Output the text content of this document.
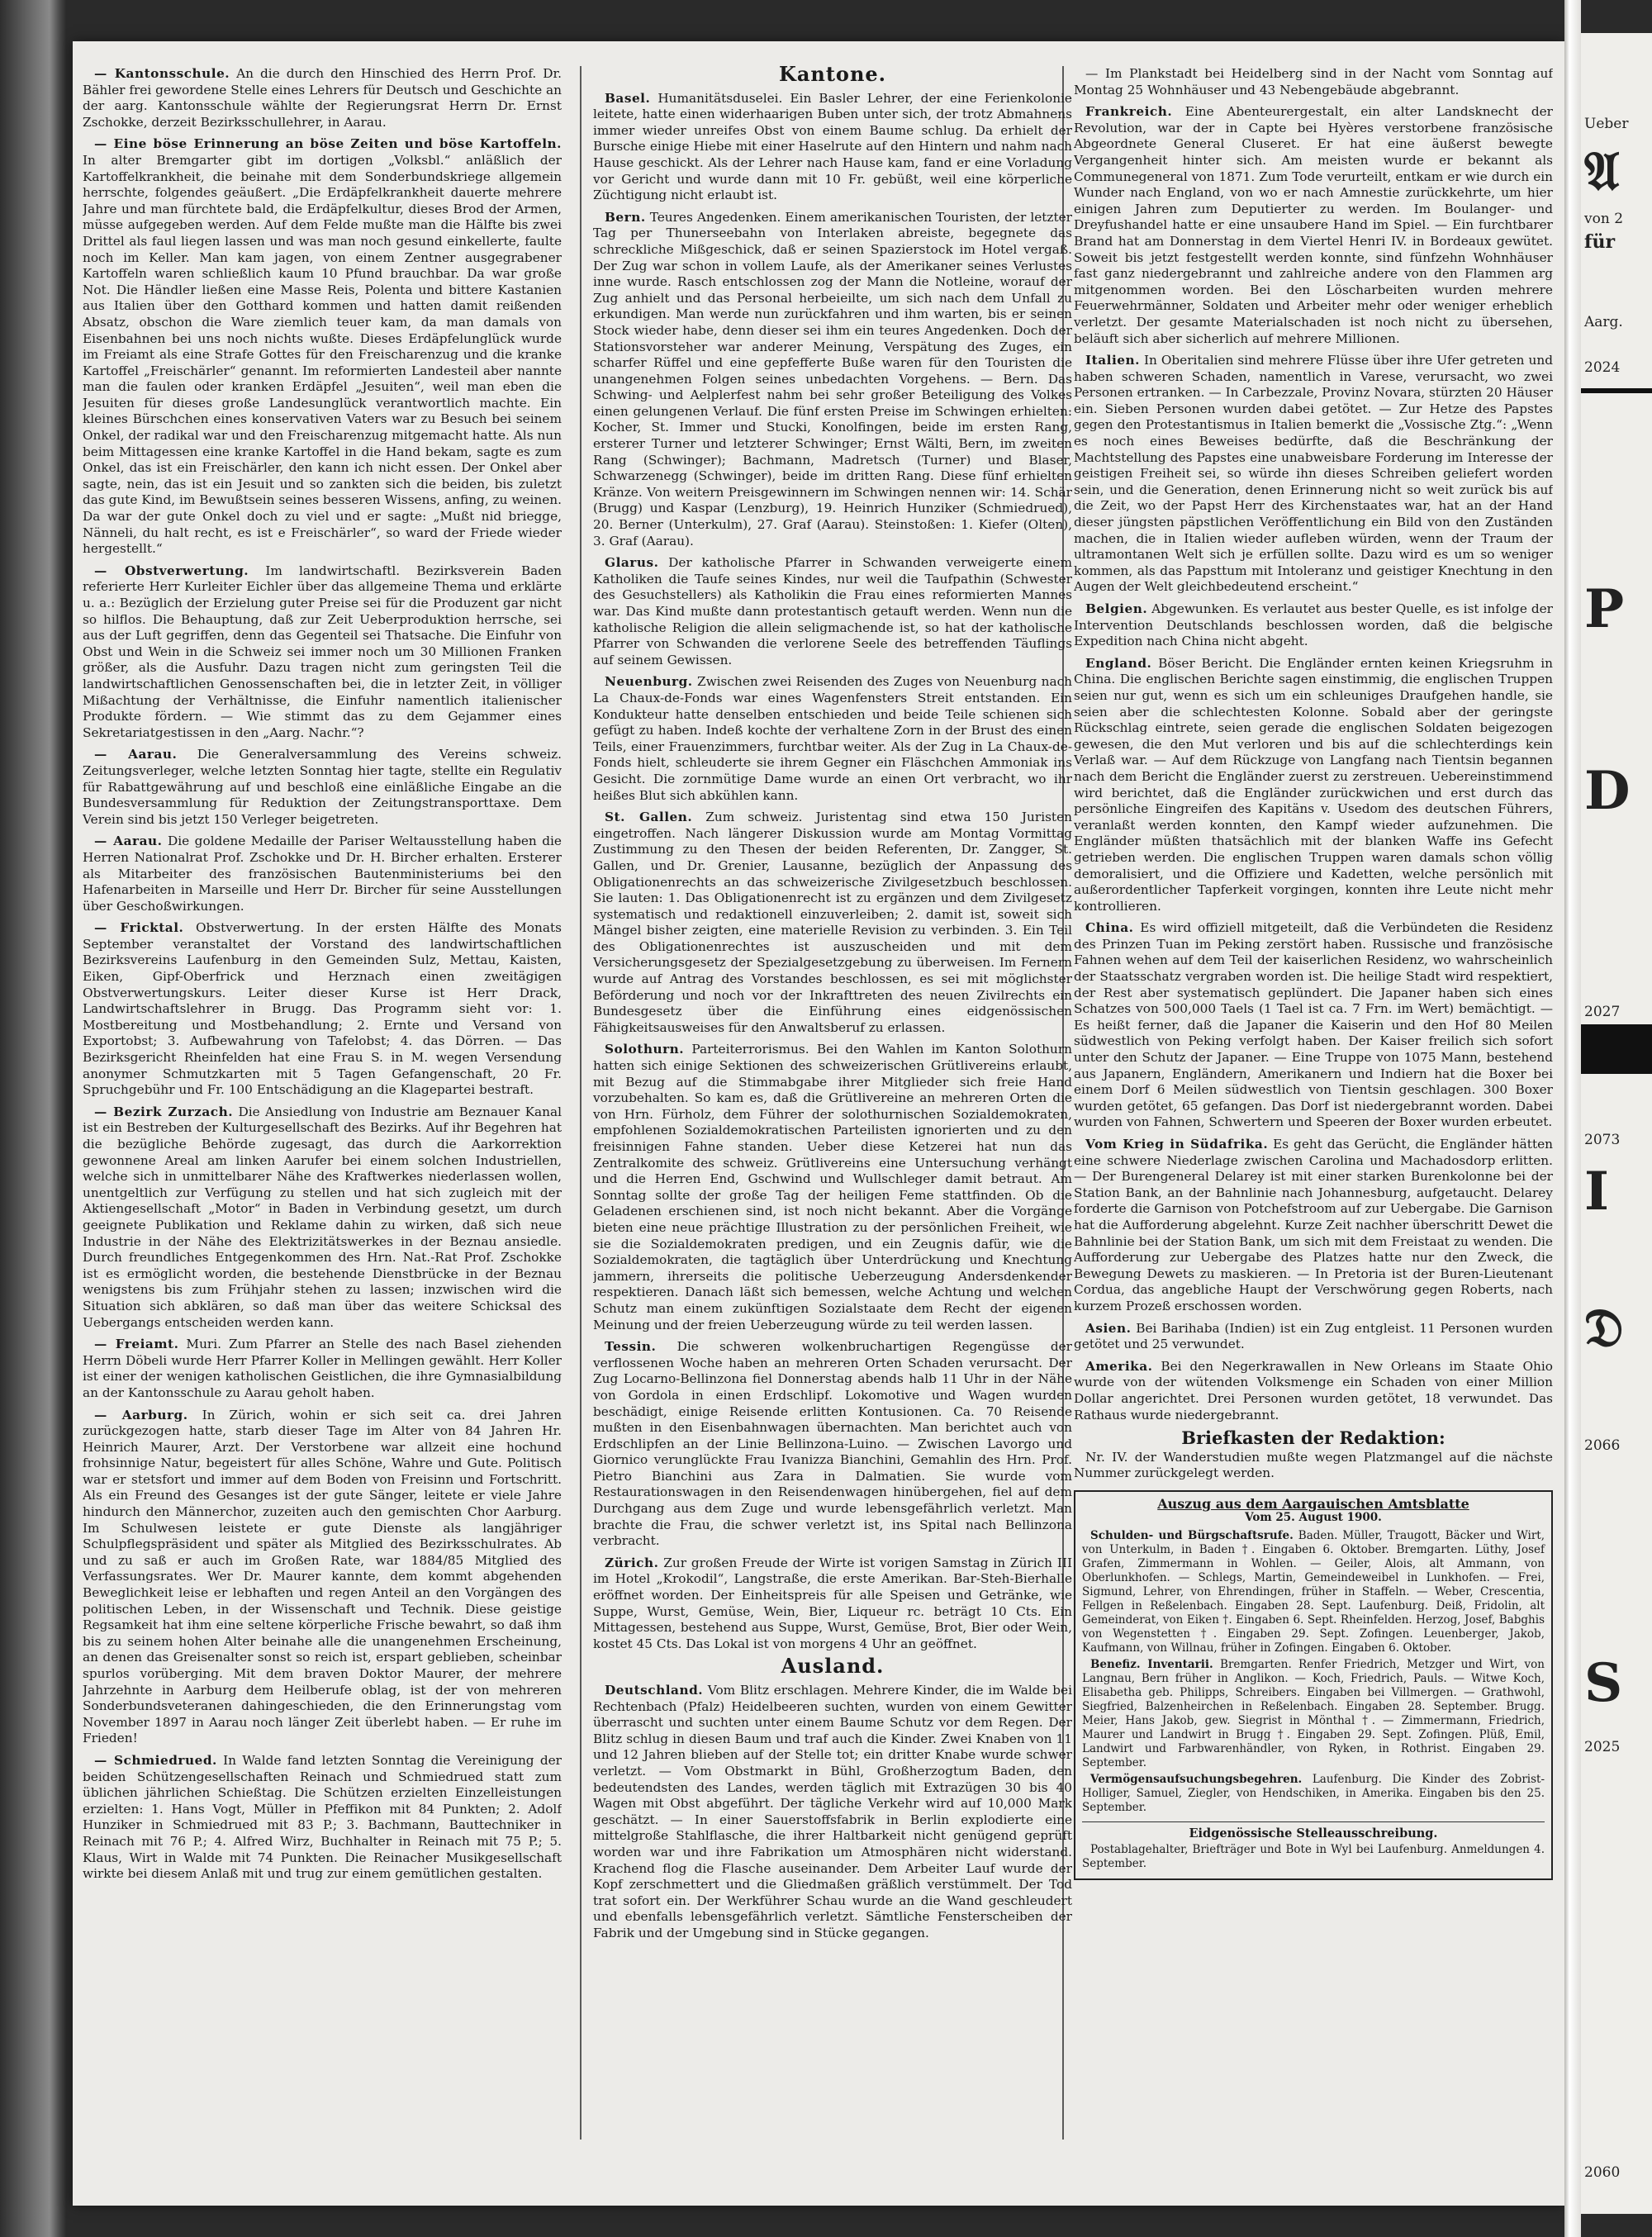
— Kantonsschule. An die durch den Hinschied des Herrn Prof. Dr. Bähler frei gewordene Stelle eines Lehrers für Deutsch und Geschichte an der aarg. Kantonsschule wählte der Regierungsrat Herrn Dr. Ernst Zschokke, derzeit Bezirksschullehrer, in Aarau.

— Eine böse Erinnerung an böse Zeiten und böse Kartoffeln. In alter Bremgarter gibt im dortigen „Volksbl.“ anläßlich der Kartoffelkrankheit, die beinahe mit dem Sonderbundskriege allgemein herrschte, folgendes geäußert. „Die Erdäpfelkrankheit dauerte mehrere Jahre und man fürchtete bald, die Erdäpfelkultur, dieses Brod der Armen, müsse aufgegeben werden. Auf dem Felde mußte man die Hälfte bis zwei Drittel als faul liegen lassen und was man noch gesund einkellerte, faulte noch im Keller. Man kam jagen, von einem Zentner ausgegrabener Kartoffeln waren schließlich kaum 10 Pfund brauchbar. Da war große Not. Die Händler ließen eine Masse Reis, Polenta und bittere Kastanien aus Italien über den Gotthard kommen und hatten damit reißenden Absatz, obschon die Ware ziemlich teuer kam, da man damals von Eisenbahnen bei uns noch nichts wußte. Dieses Erdäpfelunglück wurde im Freiamt als eine Strafe Gottes für den Freischarenzug und die kranke Kartoffel „Freischärler“ genannt. Im reformierten Landesteil aber nannte man die faulen oder kranken Erdäpfel „Jesuiten“, weil man eben die Jesuiten für dieses große Landesunglück verantwortlich machte. Ein kleines Bürschchen eines konservativen Vaters war zu Besuch bei seinem Onkel, der radikal war und den Freischarenzug mitgemacht hatte. Als nun beim Mittagessen eine kranke Kartoffel in die Hand bekam, sagte es zum Onkel, das ist ein Freischärler, den kann ich nicht essen. Der Onkel aber sagte, nein, das ist ein Jesuit und so zankten sich die beiden, bis zuletzt das gute Kind, im Bewußtsein seines besseren Wissens, anfing, zu weinen. Da war der gute Onkel doch zu viel und er sagte: „Mußt nid briegge, Nänneli, du halt recht, es ist e Freischärler“, so ward der Friede wieder hergestellt.“

— Obstverwertung. Im landwirtschaftl. Bezirksverein Baden referierte Herr Kurleiter Eichler über das allgemeine Thema und erklärte u. a.: Bezüglich der Erzielung guter Preise sei für die Produzent gar nicht so hilflos. Die Behauptung, daß zur Zeit Ueberproduktion herrsche, sei aus der Luft gegriffen, denn das Gegenteil sei Thatsache. Die Einfuhr von Obst und Wein in die Schweiz sei immer noch um 30 Millionen Franken größer, als die Ausfuhr. Dazu tragen nicht zum geringsten Teil die landwirtschaftlichen Genossenschaften bei, die in letzter Zeit, in völliger Mißachtung der Verhältnisse, die Einfuhr namentlich italienischer Produkte fördern. — Wie stimmt das zu dem Gejammer eines Sekretariatgestissen in den „Aarg. Nachr.“?

— Aarau. Die Generalversammlung des Vereins schweiz. Zeitungsverleger, welche letzten Sonntag hier tagte, stellte ein Regulativ für Rabattgewährung auf und beschloß eine einläßliche Eingabe an die Bundesversammlung für Reduktion der Zeitungstransporttaxe. Dem Verein sind bis jetzt 150 Verleger beigetreten.

— Aarau. Die goldene Medaille der Pariser Weltausstellung haben die Herren Nationalrat Prof. Zschokke und Dr. H. Bircher erhalten. Ersterer als Mitarbeiter des französischen Bautenministeriums bei den Hafenarbeiten in Marseille und Herr Dr. Bircher für seine Ausstellungen über Geschoßwirkungen.

— Fricktal. Obstverwertung. In der ersten Hälfte des Monats September veranstaltet der Vorstand des landwirtschaftlichen Bezirksvereins Laufenburg in den Gemeinden Sulz, Mettau, Kaisten, Eiken, Gipf-Oberfrick und Herznach einen zweitägigen Obstverwertungskurs. Leiter dieser Kurse ist Herr Drack, Landwirtschaftslehrer in Brugg. Das Programm sieht vor: 1. Mostbereitung und Mostbehandlung; 2. Ernte und Versand von Exportobst; 3. Aufbewahrung von Tafelobst; 4. das Dörren. — Das Bezirksgericht Rheinfelden hat eine Frau S. in M. wegen Versendung anonymer Schmutzkarten mit 5 Tagen Gefangenschaft, 20 Fr. Spruchgebühr und Fr. 100 Entschädigung an die Klagepartei bestraft.

— Bezirk Zurzach. Die Ansiedlung von Industrie am Beznauer Kanal ist ein Bestreben der Kulturgesellschaft des Bezirks. Auf ihr Begehren hat die bezügliche Behörde zugesagt, das durch die Aarkorrektion gewonnene Areal am linken Aarufer bei einem solchen Industriellen, welche sich in unmittelbarer Nähe des Kraftwerkes niederlassen wollen, unentgeltlich zur Verfügung zu stellen und hat sich zugleich mit der Aktiengesellschaft „Motor“ in Baden in Verbindung gesetzt, um durch geeignete Publikation und Reklame dahin zu wirken, daß sich neue Industrie in der Nähe des Elektrizitätswerkes in der Beznau ansiedle. Durch freundliches Entgegenkommen des Hrn. Nat.-Rat Prof. Zschokke ist es ermöglicht worden, die bestehende Dienstbrücke in der Beznau wenigstens bis zum Frühjahr stehen zu lassen; inzwischen wird die Situation sich abklären, so daß man über das weitere Schicksal des Uebergangs entscheiden werden kann.

— Freiamt. Muri. Zum Pfarrer an Stelle des nach Basel ziehenden Herrn Döbeli wurde Herr Pfarrer Koller in Mellingen gewählt. Herr Koller ist einer der wenigen katholischen Geistlichen, die ihre Gymnasialbildung an der Kantonsschule zu Aarau geholt haben.

— Aarburg. In Zürich, wohin er sich seit ca. drei Jahren zurückgezogen hatte, starb dieser Tage im Alter von 84 Jahren Hr. Heinrich Maurer, Arzt. Der Verstorbene war allzeit eine hochund frohsinnige Natur, begeistert für alles Schöne, Wahre und Gute. Politisch war er stetsfort und immer auf dem Boden von Freisinn und Fortschritt. Als ein Freund des Gesanges ist der gute Sänger, leitete er viele Jahre hindurch den Männerchor, zuzeiten auch den gemischten Chor Aarburg. Im Schulwesen leistete er gute Dienste als langjähriger Schulpflegspräsident und später als Mitglied des Bezirksschulrates. Ab und zu saß er auch im Großen Rate, war 1884/85 Mitglied des Verfassungsrates. Wer Dr. Maurer kannte, dem kommt abgehenden Beweglichkeit leise er lebhaften und regen Anteil an den Vorgängen des politischen Leben, in der Wissenschaft und Technik. Diese geistige Regsamkeit hat ihm eine seltene körperliche Frische bewahrt, so daß ihm bis zu seinem hohen Alter beinahe alle die unangenehmen Erscheinung, an denen das Greisenalter sonst so reich ist, erspart geblieben, scheinbar spurlos vorüberging. Mit dem braven Doktor Maurer, der mehrere Jahrzehnte in Aarburg dem Heilberufe oblag, ist der von mehreren Sonderbundsveteranen dahingeschieden, die den Erinnerungstag vom November 1897 in Aarau noch länger Zeit überlebt haben. — Er ruhe im Frieden!

— Schmiedrued. In Walde fand letzten Sonntag die Vereinigung der beiden Schützengesellschaften Reinach und Schmiedrued statt zum üblichen jährlichen Schießtag. Die Schützen erzielten Einzelleistungen erzielten: 1. Hans Vogt, Müller in Pfeffikon mit 84 Punkten; 2. Adolf Hunziker in Schmiedrued mit 83 P.; 3. Bachmann, Bauttechniker in Reinach mit 76 P.; 4. Alfred Wirz, Buchhalter in Reinach mit 75 P.; 5. Klaus, Wirt in Walde mit 74 Punkten. Die Reinacher Musikgesellschaft wirkte bei diesem Anlaß mit und trug zur einem gemütlichen gestalten.

Kantone.

Basel. Humanitätsduselei. Ein Basler Lehrer, der eine Ferienkolonie leitete, hatte einen widerhaarigen Buben unter sich, der trotz Abmahnens immer wieder unreifes Obst von einem Baume schlug. Da erhielt der Bursche einige Hiebe mit einer Haselrute auf den Hintern und nahm nach Hause geschickt. Als der Lehrer nach Hause kam, fand er eine Vorladung vor Gericht und wurde dann mit 10 Fr. gebüßt, weil eine körperliche Züchtigung nicht erlaubt ist.

Bern. Teures Angedenken. Einem amerikanischen Touristen, der letzter Tag per Thunerseebahn von Interlaken abreiste, begegnete das schreckliche Mißgeschick, daß er seinen Spazierstock im Hotel vergaß. Der Zug war schon in vollem Laufe, als der Amerikaner seines Verlustes inne wurde. Rasch entschlossen zog der Mann die Notleine, worauf der Zug anhielt und das Personal herbeieilte, um sich nach dem Unfall zu erkundigen. Man werde nun zurückfahren und ihm warten, bis er seinen Stock wieder habe, denn dieser sei ihm ein teures Angedenken. Doch der Stationsvorsteher war anderer Meinung, Verspätung des Zuges, ein scharfer Rüffel und eine gepfefferte Buße waren für den Touristen die unangenehmen Folgen seines unbedachten Vorgehens. — Bern. Das Schwing- und Aelplerfest nahm bei sehr großer Beteiligung des Volkes einen gelungenen Verlauf. Die fünf ersten Preise im Schwingen erhielten: Kocher, St. Immer und Stucki, Konolfingen, beide im ersten Rang, ersterer Turner und letzterer Schwinger; Ernst Wälti, Bern, im zweiten Rang (Schwinger); Bachmann, Madretsch (Turner) und Blaser, Schwarzenegg (Schwinger), beide im dritten Rang. Diese fünf erhielten Kränze. Von weitern Preisgewinnern im Schwingen nennen wir: 14. Schär (Brugg) und Kaspar (Lenzburg), 19. Heinrich Hunziker (Schmiedrued), 20. Berner (Unterkulm), 27. Graf (Aarau). Steinstoßen: 1. Kiefer (Olten), 3. Graf (Aarau).

Glarus. Der katholische Pfarrer in Schwanden verweigerte einem Katholiken die Taufe seines Kindes, nur weil die Taufpathin (Schwester des Gesuchstellers) als Katholikin die Frau eines reformierten Mannes war. Das Kind mußte dann protestantisch getauft werden. Wenn nun die katholische Religion die allein seligmachende ist, so hat der katholische Pfarrer von Schwanden die verlorene Seele des betreffenden Täuflings auf seinem Gewissen.

Neuenburg. Zwischen zwei Reisenden des Zuges von Neuenburg nach La Chaux-de-Fonds war eines Wagenfensters Streit entstanden. Ein Kondukteur hatte denselben entschieden und beide Teile schienen sich gefügt zu haben. Indeß kochte der verhaltene Zorn in der Brust des einen Teils, einer Frauenzimmers, furchtbar weiter. Als der Zug in La Chaux-de-Fonds hielt, schleuderte sie ihrem Gegner ein Fläschchen Ammoniak ins Gesicht. Die zornmütige Dame wurde an einen Ort verbracht, wo ihr heißes Blut sich abkühlen kann.

St. Gallen. Zum schweiz. Juristentag sind etwa 150 Juristen eingetroffen. Nach längerer Diskussion wurde am Montag Vormittag Zustimmung zu den Thesen der beiden Referenten, Dr. Zangger, St. Gallen, und Dr. Grenier, Lausanne, bezüglich der Anpassung des Obligationenrechts an das schweizerische Zivilgesetzbuch beschlossen. Sie lauten: 1. Das Obligationenrecht ist zu ergänzen und dem Zivilgesetz systematisch und redaktionell einzuverleiben; 2. damit ist, soweit sich Mängel bisher zeigten, eine materielle Revision zu verbinden. 3. Ein Teil des Obligationenrechtes ist auszuscheiden und mit dem Versicherungsgesetz der Spezialgesetzgebung zu überweisen. Im Fernern wurde auf Antrag des Vorstandes beschlossen, es sei mit möglichster Beförderung und noch vor der Inkrafttreten des neuen Zivilrechts ein Bundesgesetz über die Einführung eines eidgenössischen Fähigkeitsausweises für den Anwaltsberuf zu erlassen.

Solothurn. Parteiterrorismus. Bei den Wahlen im Kanton Solothurn hatten sich einige Sektionen des schweizerischen Grütlivereins erlaubt, mit Bezug auf die Stimmabgabe ihrer Mitglieder sich freie Hand vorzubehalten. So kam es, daß die Grütlivereine an mehreren Orten die von Hrn. Fürholz, dem Führer der solothurnischen Sozialdemokraten, empfohlenen Sozialdemokratischen Parteilisten ignorierten und zu den freisinnigen Fahne standen. Ueber diese Ketzerei hat nun das Zentralkomite des schweiz. Grütlivereins eine Untersuchung verhängt und die Herren End, Gschwind und Wullschleger damit betraut. Am Sonntag sollte der große Tag der heiligen Feme stattfinden. Ob die Geladenen erschienen sind, ist noch nicht bekannt. Aber die Vorgänge bieten eine neue prächtige Illustration zu der persönlichen Freiheit, wie sie die Sozialdemokraten predigen, und ein Zeugnis dafür, wie die Sozialdemokraten, die tagtäglich über Unterdrückung und Knechtung jammern, ihrerseits die politische Ueberzeugung Andersdenkender respektieren. Danach läßt sich bemessen, welche Achtung und welchen Schutz man einem zukünftigen Sozialstaate dem Recht der eigenen Meinung und der freien Ueberzeugung würde zu teil werden lassen.

Tessin. Die schweren wolkenbruchartigen Regengüsse der verflossenen Woche haben an mehreren Orten Schaden verursacht. Der Zug Locarno-Bellinzona fiel Donnerstag abends halb 11 Uhr in der Nähe von Gordola in einen Erdschlipf. Lokomotive und Wagen wurden beschädigt, einige Reisende erlitten Kontusionen. Ca. 70 Reisende mußten in den Eisenbahnwagen übernachten. Man berichtet auch von Erdschlipfen an der Linie Bellinzona-Luino. — Zwischen Lavorgo und Giornico verunglückte Frau Ivanizza Bianchini, Gemahlin des Hrn. Prof. Pietro Bianchini aus Zara in Dalmatien. Sie wurde vom Restaurationswagen in den Reisendenwagen hinübergehen, fiel auf dem Durchgang aus dem Zuge und wurde lebensgefährlich verletzt. Man brachte die Frau, die schwer verletzt ist, ins Spital nach Bellinzona verbracht.

Zürich. Zur großen Freude der Wirte ist vorigen Samstag in Zürich III im Hotel „Krokodil“, Langstraße, die erste Amerikan. Bar-Steh-Bierhalle eröffnet worden. Der Einheitspreis für alle Speisen und Getränke, wie Suppe, Wurst, Gemüse, Wein, Bier, Liqueur rc. beträgt 10 Cts. Ein Mittagessen, bestehend aus Suppe, Wurst, Gemüse, Brot, Bier oder Wein, kostet 45 Cts. Das Lokal ist von morgens 4 Uhr an geöffnet.

Ausland.

Deutschland. Vom Blitz erschlagen. Mehrere Kinder, die im Walde bei Rechtenbach (Pfalz) Heidelbeeren suchten, wurden von einem Gewitter überrascht und suchten unter einem Baume Schutz vor dem Regen. Der Blitz schlug in diesen Baum und traf auch die Kinder. Zwei Knaben von 11 und 12 Jahren blieben auf der Stelle tot; ein dritter Knabe wurde schwer verletzt. — Vom Obstmarkt in Bühl, Großherzogtum Baden, den bedeutendsten des Landes, werden täglich mit Extrazügen 30 bis 40 Wagen mit Obst abgeführt. Der tägliche Verkehr wird auf 10,000 Mark geschätzt. — In einer Sauerstoffsfabrik in Berlin explodierte eine mittelgroße Stahlflasche, die ihrer Haltbarkeit nicht genügend geprüft worden war und ihre Fabrikation um Atmosphären nicht widerstand. Krachend flog die Flasche auseinander. Dem Arbeiter Lauf wurde der Kopf zerschmettert und die Gliedmaßen gräßlich verstümmelt. Der Tod trat sofort ein. Der Werkführer Schau wurde an die Wand geschleudert und ebenfalls lebensgefährlich verletzt. Sämtliche Fensterscheiben der Fabrik und der Umgebung sind in Stücke gegangen.

— Im Plankstadt bei Heidelberg sind in der Nacht vom Sonntag auf Montag 25 Wohnhäuser und 43 Nebengebäude abgebrannt.

Frankreich. Eine Abenteurergestalt, ein alter Landsknecht der Revolution, war der in Capte bei Hyères verstorbene französische Abgeordnete General Cluseret. Er hat eine äußerst bewegte Vergangenheit hinter sich. Am meisten wurde er bekannt als Communegeneral von 1871. Zum Tode verurteilt, entkam er wie durch ein Wunder nach England, von wo er nach Amnestie zurückkehrte, um hier einigen Jahren zum Deputierter zu werden. Im Boulanger- und Dreyfushandel hatte er eine unsaubere Hand im Spiel. — Ein furchtbarer Brand hat am Donnerstag in dem Viertel Henri IV. in Bordeaux gewütet. Soweit bis jetzt festgestellt werden konnte, sind fünfzehn Wohnhäuser fast ganz niedergebrannt und zahlreiche andere von den Flammen arg mitgenommen worden. Bei den Löscharbeiten wurden mehrere Feuerwehrmänner, Soldaten und Arbeiter mehr oder weniger erheblich verletzt. Der gesamte Materialschaden ist noch nicht zu übersehen, beläuft sich aber sicherlich auf mehrere Millionen.

Italien. In Oberitalien sind mehrere Flüsse über ihre Ufer getreten und haben schweren Schaden, namentlich in Varese, verursacht, wo zwei Personen ertranken. — In Carbezzale, Provinz Novara, stürzten 20 Häuser ein. Sieben Personen wurden dabei getötet. — Zur Hetze des Papstes gegen den Protestantismus in Italien bemerkt die „Vossische Ztg.“: „Wenn es noch eines Beweises bedürfte, daß die Beschränkung der Machtstellung des Papstes eine unabweisbare Forderung im Interesse der geistigen Freiheit sei, so würde ihn dieses Schreiben geliefert worden sein, und die Generation, denen Erinnerung nicht so weit zurück bis auf die Zeit, wo der Papst Herr des Kirchenstaates war, hat an der Hand dieser jüngsten päpstlichen Veröffentlichung ein Bild von den Zuständen machen, die in Italien wieder aufleben würden, wenn der Traum der ultramontanen Welt sich je erfüllen sollte. Dazu wird es um so weniger kommen, als das Papsttum mit Intoleranz und geistiger Knechtung in den Augen der Welt gleichbedeutend erscheint.“

Belgien. Abgewunken. Es verlautet aus bester Quelle, es ist infolge der Intervention Deutschlands beschlossen worden, daß die belgische Expedition nach China nicht abgeht.

England. Böser Bericht. Die Engländer ernten keinen Kriegsruhm in China. Die englischen Berichte sagen einstimmig, die englischen Truppen seien nur gut, wenn es sich um ein schleuniges Draufgehen handle, sie seien aber die schlechtesten Kolonne. Sobald aber der geringste Rückschlag eintrete, seien gerade die englischen Soldaten beigezogen gewesen, die den Mut verloren und bis auf die schlechterdings kein Verlaß war. — Auf dem Rückzuge von Langfang nach Tientsin begannen nach dem Bericht die Engländer zuerst zu zerstreuen. Uebereinstimmend wird berichtet, daß die Engländer zurückwichen und erst durch das persönliche Eingreifen des Kapitäns v. Usedom des deutschen Führers, veranlaßt werden konnten, den Kampf wieder aufzunehmen. Die Engländer müßten thatsächlich mit der blanken Waffe ins Gefecht getrieben werden. Die englischen Truppen waren damals schon völlig demoralisiert, und die Offiziere und Kadetten, welche persönlich mit außerordentlicher Tapferkeit vorgingen, konnten ihre Leute nicht mehr kontrollieren.

China. Es wird offiziell mitgeteilt, daß die Verbündeten die Residenz des Prinzen Tuan im Peking zerstört haben. Russische und französische Fahnen wehen auf dem Teil der kaiserlichen Residenz, wo wahrscheinlich der Staatsschatz vergraben worden ist. Die heilige Stadt wird respektiert, der Rest aber systematisch geplündert. Die Japaner haben sich eines Schatzes von 500,000 Taels (1 Tael ist ca. 7 Frn. im Wert) bemächtigt. — Es heißt ferner, daß die Japaner die Kaiserin und den Hof 80 Meilen südwestlich von Peking verfolgt haben. Der Kaiser freilich sich sofort unter den Schutz der Japaner. — Eine Truppe von 1075 Mann, bestehend aus Japanern, Engländern, Amerikanern und Indiern hat die Boxer bei einem Dorf 6 Meilen südwestlich von Tientsin geschlagen. 300 Boxer wurden getötet, 65 gefangen. Das Dorf ist niedergebrannt worden. Dabei wurden von Fahnen, Schwertern und Speeren der Boxer wurden erbeutet.

Vom Krieg in Südafrika. Es geht das Gerücht, die Engländer hätten eine schwere Niederlage zwischen Carolina und Machadosdorp erlitten. — Der Burengeneral Delarey ist mit einer starken Burenkolonne bei der Station Bank, an der Bahnlinie nach Johannesburg, aufgetaucht. Delarey forderte die Garnison von Potchefstroom auf zur Uebergabe. Die Garnison hat die Aufforderung abgelehnt. Kurze Zeit nachher überschritt Dewet die Bahnlinie bei der Station Bank, um sich mit dem Freistaat zu wenden. Die Aufforderung zur Uebergabe des Platzes hatte nur den Zweck, die Bewegung Dewets zu maskieren. — In Pretoria ist der Buren-Lieutenant Cordua, das angebliche Haupt der Verschwörung gegen Roberts, nach kurzem Prozeß erschossen worden.

Asien. Bei Barihaba (Indien) ist ein Zug entgleist. 11 Personen wurden getötet und 25 verwundet.

Amerika. Bei den Negerkrawallen in New Orleans im Staate Ohio wurde von der wütenden Volksmenge ein Schaden von einer Million Dollar angerichtet. Drei Personen wurden getötet, 18 verwundet. Das Rathaus wurde niedergebrannt.

Briefkasten der Redaktion:

Nr. IV. der Wanderstudien mußte wegen Platzmangel auf die nächste Nummer zurückgelegt werden.

Auszug aus dem Aargauischen Amtsblatte
Vom 25. August 1900.

Schulden- und Bürgschaftsrufe. Baden. Müller, Traugott, Bäcker und Wirt, von Unterkulm, in Baden †. Eingaben 6. Oktober. Bremgarten. Lüthy, Josef Grafen, Zimmermann in Wohlen. — Geiler, Alois, alt Ammann, von Oberlunkhofen. — Schlegs, Martin, Gemeindeweibel in Lunkhofen. — Frei, Sigmund, Lehrer, von Ehrendingen, früher in Staffeln. — Weber, Crescentia, Fellgen in Reßelenbach. Eingaben 28. Sept. Laufenburg. Deiß, Fridolin, alt Gemeinderat, von Eiken †. Eingaben 6. Sept. Rheinfelden. Herzog, Josef, Babghis von Wegenstetten †. Eingaben 29. Sept. Zofingen. Leuenberger, Jakob, Kaufmann, von Willnau, früher in Zofingen. Eingaben 6. Oktober.

Benefiz. Inventarii. Bremgarten. Renfer Friedrich, Metzger und Wirt, von Langnau, Bern früher in Anglikon. — Koch, Friedrich, Pauls. — Witwe Koch, Elisabetha geb. Philipps, Schreibers. Eingaben bei Villmergen. — Grathwohl, Siegfried, Balzenheirchen in Reßelenbach. Eingaben 28. September. Brugg. Meier, Hans Jakob, gew. Siegrist in Mönthal †. — Zimmermann, Friedrich, Maurer und Landwirt in Brugg †. Eingaben 29. Sept. Zofingen. Plüß, Emil, Landwirt und Farbwarenhändler, von Ryken, in Rothrist. Eingaben 29. September.

Vermögensaufsuchungsbegehren. Laufenburg. Die Kinder des Zobrist-Holliger, Samuel, Ziegler, von Hendschiken, in Amerika. Eingaben bis den 25. September.

Eidgenössische Stelleausschreibung.

Postablagehalter, Briefträger und Bote in Wyl bei Laufenburg. Anmeldungen 4. September.

Ueber
𝔄
von 2
für
Aarg.
2024
P
D
2027
2073
I
𝔇
2066
S
2025
2060
